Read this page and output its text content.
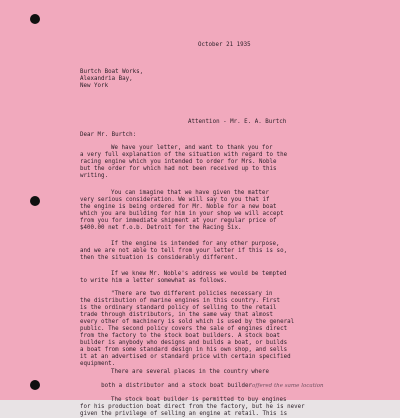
October 21 1935
Burtch Boat Works,
Alexandria Bay,
New York
Attention - Mr. E. A. Burtch
Dear Mr. Burtch:
We have your letter, and want to thank you for
a very full explanation of the situation with regard to the
racing engine which you intended to order for Mrs. Noble
but the order for which had not been received up to this
writing.
You can imagine that we have given the matter
very serious consideration. We will say to you that if
the engine is being ordered for Mr. Noble for a new boat
which you are building for him in your shop we will accept
from you for immediate shipment at your regular price of
$400.00 net f.o.b. Detroit for the Racing Six.
If the engine is intended for any other purpose,
and we are not able to tell from your letter if this is so,
then the situation is considerably different.
If we knew Mr. Noble's address we would be tempted
to write him a letter somewhat as follows.
"There are two different policies necessary in
the distribution of marine engines in this country. First
is the ordinary standard policy of selling to the retail
trade through distributors, in the same way that almost
every other of machinery is sold which is used by the general
public. The second policy covers the sale of engines direct
from the factory to the stock boat builders. A stock boat
builder is anybody who designs and builds a boat, or builds
a boat from some standard design in his own shop, and sells
it at an advertised or standard price with certain specified
equipment.
There are several places in the country where

both a distributor and a stock boat builderoffered the same location

The stock boat builder is permitted to buy engines
for his production boat direct from the factory, but he is never
given the privilege of selling an engine at retail. This is
